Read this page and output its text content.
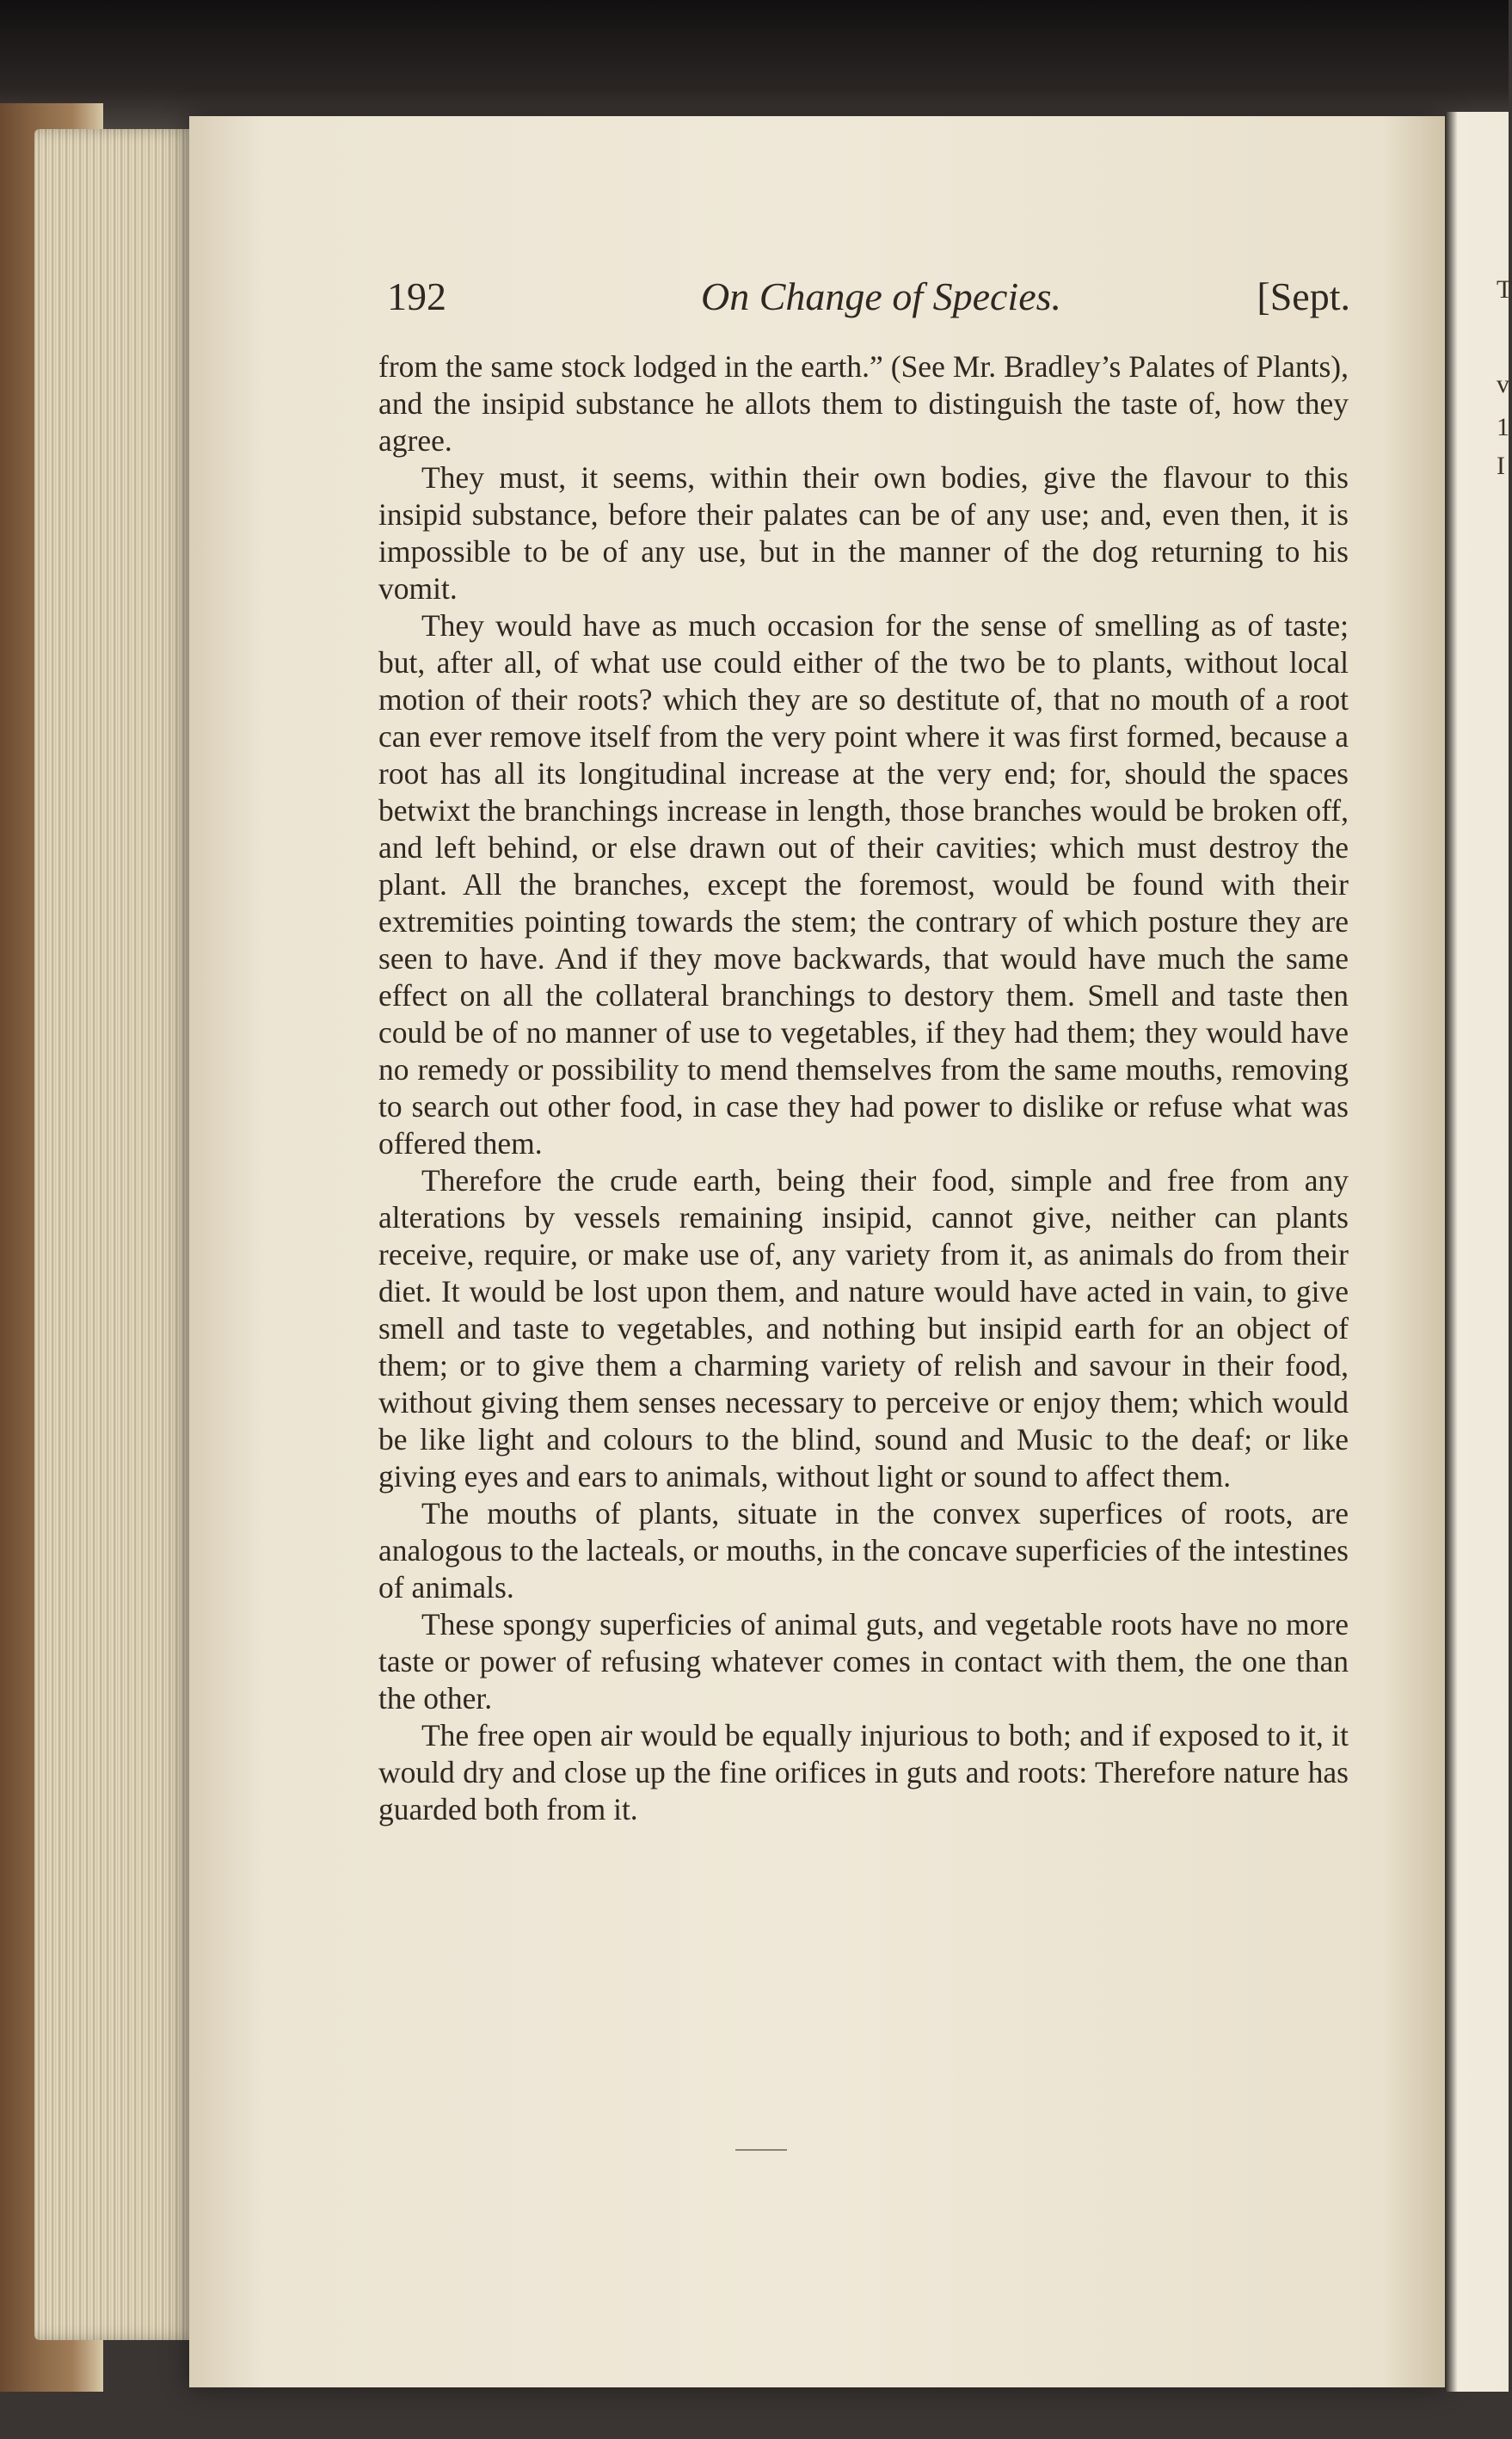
T
v
1
I
192	On Change of Species.	[Sept.

from the same stock lodged in the earth.” (See Mr. Bradley’s Palates of Plants), and the insipid substance he allots them to distinguish the taste of, how they agree.

They must, it seems, within their own bodies, give the flavour to this insipid substance, before their palates can be of any use; and, even then, it is impossible to be of any use, but in the manner of the dog returning to his vomit.

They would have as much occasion for the sense of smelling as of taste; but, after all, of what use could either of the two be to plants, without local motion of their roots? which they are so destitute of, that no mouth of a root can ever remove itself from the very point where it was first formed, because a root has all its longitudinal increase at the very end; for, should the spaces betwixt the branchings increase in length, those branches would be broken off, and left behind, or else drawn out of their cavities; which must destroy the plant. All the branches, except the foremost, would be found with their extremities pointing towards the stem; the contrary of which posture they are seen to have. And if they move backwards, that would have much the same effect on all the collateral branchings to destory them. Smell and taste then could be of no manner of use to vegetables, if they had them; they would have no remedy or possibility to mend themselves from the same mouths, removing to search out other food, in case they had power to dislike or refuse what was offered them.

Therefore the crude earth, being their food, simple and free from any alterations by vessels remaining insipid, cannot give, neither can plants receive, require, or make use of, any variety from it, as animals do from their diet. It would be lost upon them, and nature would have acted in vain, to give smell and taste to vegetables, and nothing but insipid earth for an object of them; or to give them a charming variety of relish and savour in their food, without giving them senses necessary to perceive or enjoy them; which would be like light and colours to the blind, sound and Music to the deaf; or like giving eyes and ears to animals, without light or sound to affect them.

The mouths of plants, situate in the convex superfices of roots, are analogous to the lacteals, or mouths, in the concave superficies of the intestines of animals.

These spongy superficies of animal guts, and vegetable roots have no more taste or power of refusing whatever comes in contact with them, the one than the other.

The free open air would be equally injurious to both; and if exposed to it, it would dry and close up the fine orifices in guts and roots: Therefore nature has guarded both from it.
